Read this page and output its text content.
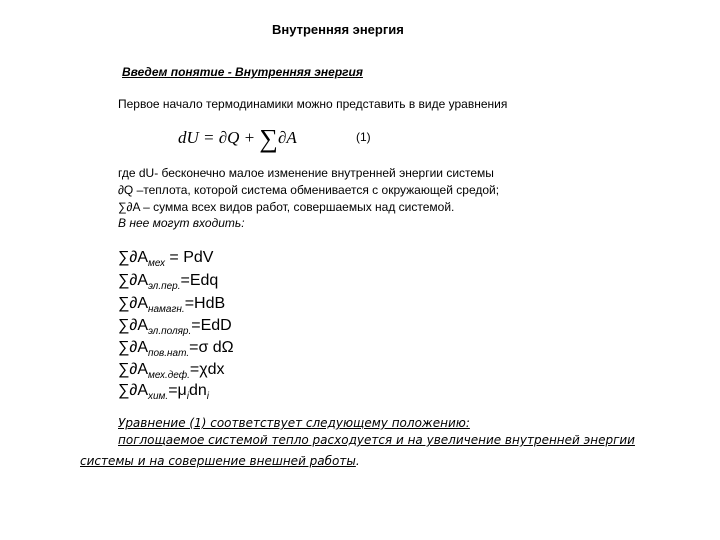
Внутренняя энергия
Введем понятие - Внутренняя энергия
Первое начало термодинамики можно представить в виде уравнения
dU = ∂Q + ∑∂A	(1)
где dU- бесконечно малое изменение внутренней энергии системы
∂Q –теплота, которой система обменивается с окружающей средой;
∑∂A – сумма всех видов работ, совершаемых над системой.
В нее могут входить:
$\sum\partial A_{мех}$ = PdV
$\sum\partial A_{эл.пер.}=Edq$
$\sum\partial A_{намагн.}=HdB$
$\sum\partial A_{эл.поляр.}=EdD$
$\sum\partial A_{пов.нат.}=\sigma$ dΩ
$\sum\partial A_{мех.деф.}=\chi dx$
$\sum\partial A_{хим.}=\mu_idn_i$
Уравнение (1) соответствует следующему положению:
поглощаемое системой тепло расходуется и на увеличение внутренней энергии
системы и на совершение внешней работы.
